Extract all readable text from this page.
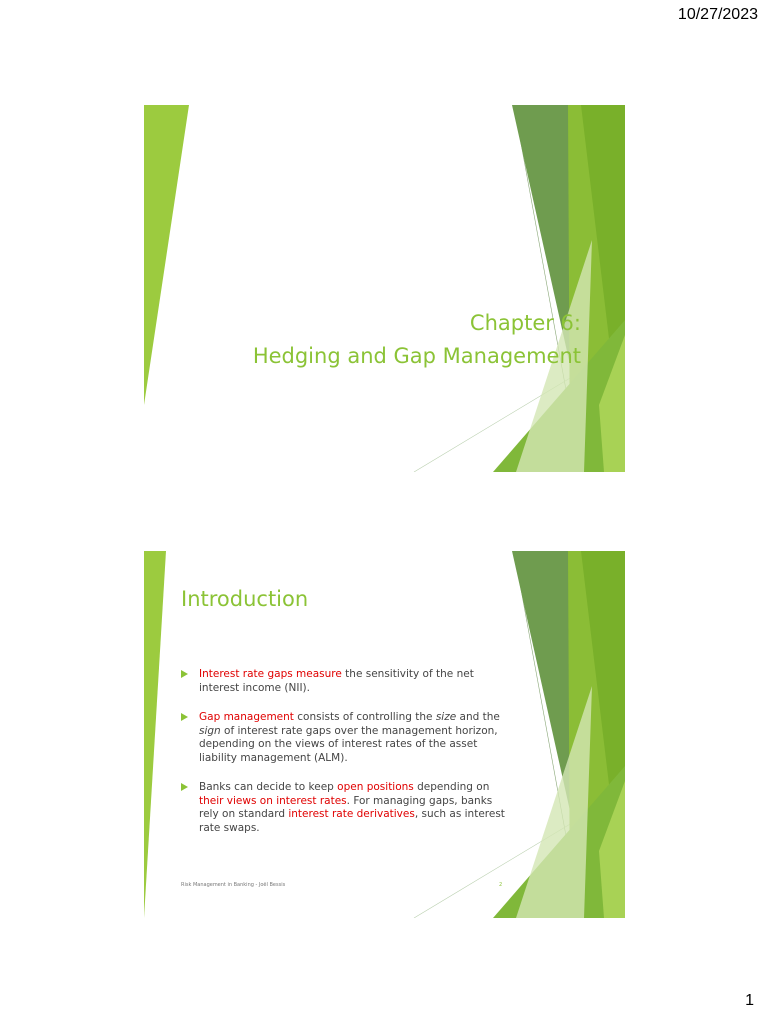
10/27/2023
Chapter 6:
Hedging and Gap Management
Introduction
Interest rate gaps measure the sensitivity of the net interest income (NII).
Gap management consists of controlling the size and the sign of interest rate gaps over the management horizon, depending on the views of interest rates of the asset liability management (ALM).
Banks can decide to keep open positions depending on their views on interest rates. For managing gaps, banks rely on standard interest rate derivatives, such as interest rate swaps.
Risk Management in Banking - Joël Bessis	2
1
